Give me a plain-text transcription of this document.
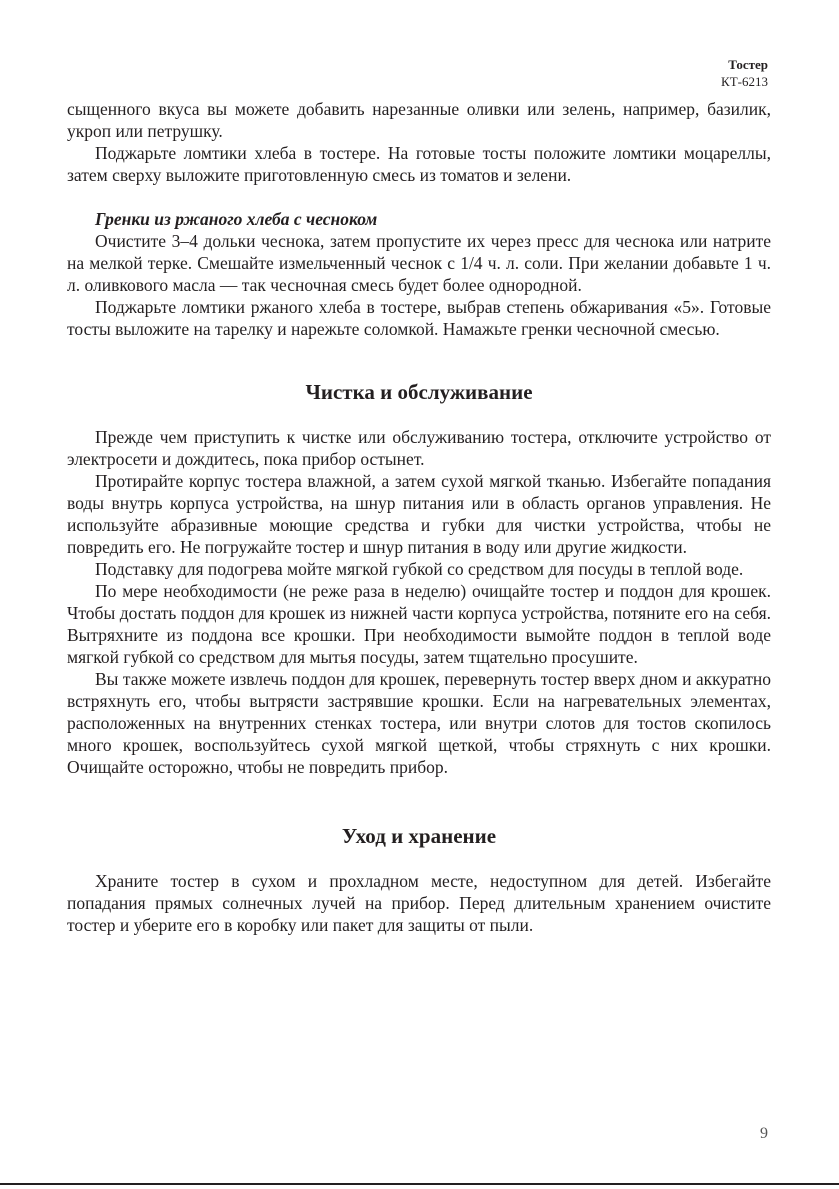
Тостер
КТ-6213

сыщенного вкуса вы можете добавить нарезанные оливки или зелень, например, базилик, укроп или петрушку.

Поджарьте ломтики хлеба в тостере. На готовые тосты положите ломтики моцареллы, затем сверху выложите приготовленную смесь из томатов и зелени.

Гренки из ржаного хлеба с чесноком

Очистите 3–4 дольки чеснока, затем пропустите их через пресс для чеснока или натрите на мелкой терке. Смешайте измельченный чеснок с 1/4 ч. л. соли. При желании добавьте 1 ч. л. оливкового масла — так чесночная смесь будет более однородной.

Поджарьте ломтики ржаного хлеба в тостере, выбрав степень обжаривания «5». Готовые тосты выложите на тарелку и нарежьте соломкой. Намажьте гренки чесночной смесью.

Чистка и обслуживание

Прежде чем приступить к чистке или обслуживанию тостера, отключите устройство от электросети и дождитесь, пока прибор остынет.

Протирайте корпус тостера влажной, а затем сухой мягкой тканью. Избегайте попадания воды внутрь корпуса устройства, на шнур питания или в область органов управления. Не используйте абразивные моющие средства и губки для чистки устройства, чтобы не повредить его. Не погружайте тостер и шнур питания в воду или другие жидкости.

Подставку для подогрева мойте мягкой губкой со средством для посуды в теплой воде.

По мере необходимости (не реже раза в неделю) очищайте тостер и поддон для крошек. Чтобы достать поддон для крошек из нижней части корпуса устройства, потяните его на себя. Вытряхните из поддона все крошки. При необходимости вымойте поддон в теплой воде мягкой губкой со средством для мытья посуды, затем тщательно просушите.

Вы также можете извлечь поддон для крошек, перевернуть тостер вверх дном и аккуратно встряхнуть его, чтобы вытрясти застрявшие крошки. Если на нагревательных элементах, расположенных на внутренних стенках тостера, или внутри слотов для тостов скопилось много крошек, воспользуйтесь сухой мягкой щеткой, чтобы стряхнуть с них крошки. Очищайте осторожно, чтобы не повредить прибор.

Уход и хранение

Храните тостер в сухом и прохладном месте, недоступном для детей. Избегайте попадания прямых солнечных лучей на прибор. Перед длительным хранением очистите тостер и уберите его в коробку или пакет для защиты от пыли.

9
